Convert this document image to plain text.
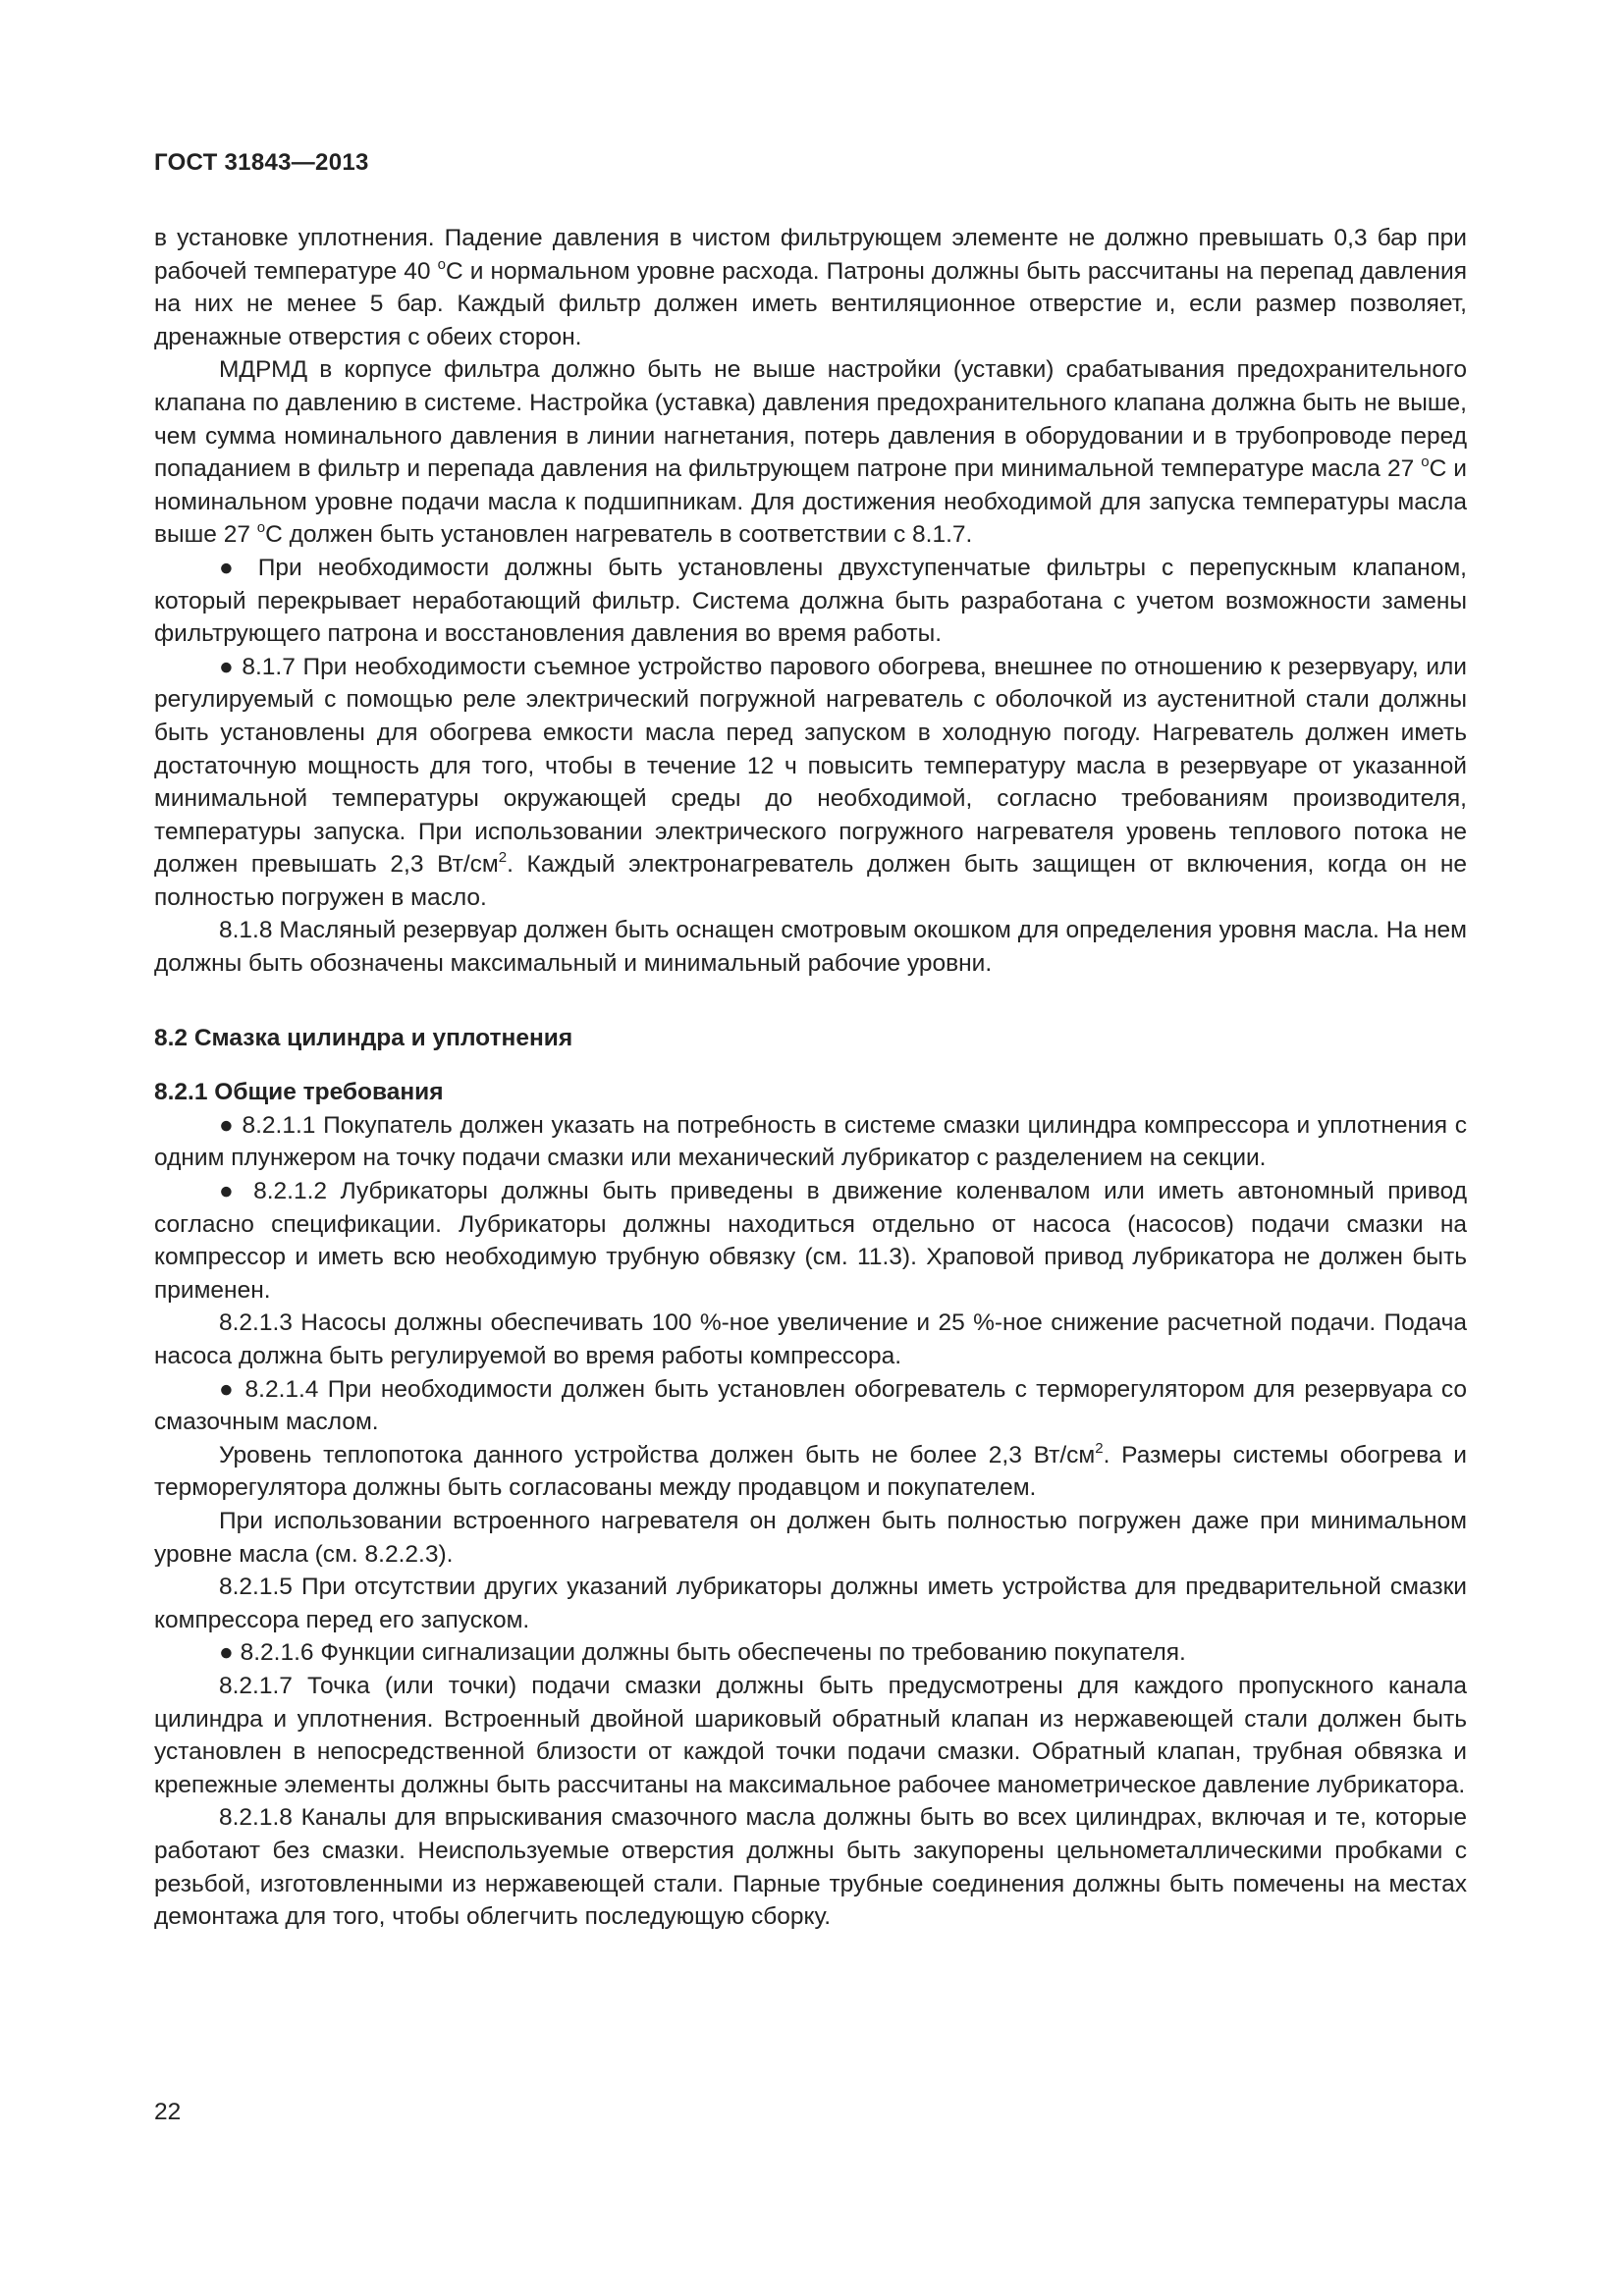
ГОСТ 31843—2013

в установке уплотнения. Падение давления в чистом фильтрующем элементе не должно превышать 0,3 бар при рабочей температуре 40 $^о$С и нормальном уровне расхода. Патроны должны быть рассчитаны на перепад давления на них не менее 5 бар. Каждый фильтр должен иметь вентиляционное отверстие и, если размер позволяет, дренажные отверстия с обеих сторон.

МДРМД в корпусе фильтра должно быть не выше настройки (уставки) срабатывания предохранительного клапана по давлению в системе. Настройка (уставка) давления предохранительного клапана должна быть не выше, чем сумма номинального давления в линии нагнетания, потерь давления в оборудовании и в трубопроводе перед попаданием в фильтр и перепада давления на фильтрующем патроне при минимальной температуре масла 27 $^о$С и номинальном уровне подачи масла к подшипникам. Для достижения необходимой для запуска температуры масла выше 27 $^о$С должен быть установлен нагреватель в соответствии с 8.1.7.

● При необходимости должны быть установлены двухступенчатые фильтры с перепускным клапаном, который перекрывает неработающий фильтр. Система должна быть разработана с учетом возможности замены фильтрующего патрона и восстановления давления во время работы.

● 8.1.7 При необходимости съемное устройство парового обогрева, внешнее по отношению к резервуару, или регулируемый с помощью реле электрический погружной нагреватель с оболочкой из аустенитной стали должны быть установлены для обогрева емкости масла перед запуском в холодную погоду. Нагреватель должен иметь достаточную мощность для того, чтобы в течение 12 ч повысить температуру масла в резервуаре от указанной минимальной температуры окружающей среды до необходимой, согласно требованиям производителя, температуры запуска. При использовании электрического погружного нагревателя уровень теплового потока не должен превышать 2,3 $Вт/см^2$. Каждый электронагреватель должен быть защищен от включения, когда он не полностью погружен в масло.

8.1.8 Масляный резервуар должен быть оснащен смотровым окошком для определения уровня масла. На нем должны быть обозначены максимальный и минимальный рабочие уровни.

8.2 Смазка цилиндра и уплотнения
8.2.1 Общие требования

● 8.2.1.1 Покупатель должен указать на потребность в системе смазки цилиндра компрессора и уплотнения с одним плунжером на точку подачи смазки или механический лубрикатор с разделением на секции.

● 8.2.1.2 Лубрикаторы должны быть приведены в движение коленвалом или иметь автономный привод согласно спецификации. Лубрикаторы должны находиться отдельно от насоса (насосов) подачи смазки на компрессор и иметь всю необходимую трубную обвязку (см. 11.3). Храповой привод лубрикатора не должен быть применен.

8.2.1.3 Насосы должны обеспечивать 100 %-ное увеличение и 25 %-ное снижение расчетной подачи. Подача насоса должна быть регулируемой во время работы компрессора.

● 8.2.1.4 При необходимости должен быть установлен обогреватель с терморегулятором для резервуара со смазочным маслом.

Уровень теплопотока данного устройства должен быть не более 2,3 $Вт/см^2$. Размеры системы обогрева и терморегулятора должны быть согласованы между продавцом и покупателем.

При использовании встроенного нагревателя он должен быть полностью погружен даже при минимальном уровне масла (см. 8.2.2.3).

8.2.1.5 При отсутствии других указаний лубрикаторы должны иметь устройства для предварительной смазки компрессора перед его запуском.

● 8.2.1.6 Функции сигнализации должны быть обеспечены по требованию покупателя.

8.2.1.7 Точка (или точки) подачи смазки должны быть предусмотрены для каждого пропускного канала цилиндра и уплотнения. Встроенный двойной шариковый обратный клапан из нержавеющей стали должен быть установлен в непосредственной близости от каждой точки подачи смазки. Обратный клапан, трубная обвязка и крепежные элементы должны быть рассчитаны на максимальное рабочее манометрическое давление лубрикатора.

8.2.1.8 Каналы для впрыскивания смазочного масла должны быть во всех цилиндрах, включая и те, которые работают без смазки. Неиспользуемые отверстия должны быть закупорены цельнометаллическими пробками с резьбой, изготовленными из нержавеющей стали. Парные трубные соединения должны быть помечены на местах демонтажа для того, чтобы облегчить последующую сборку.

22
